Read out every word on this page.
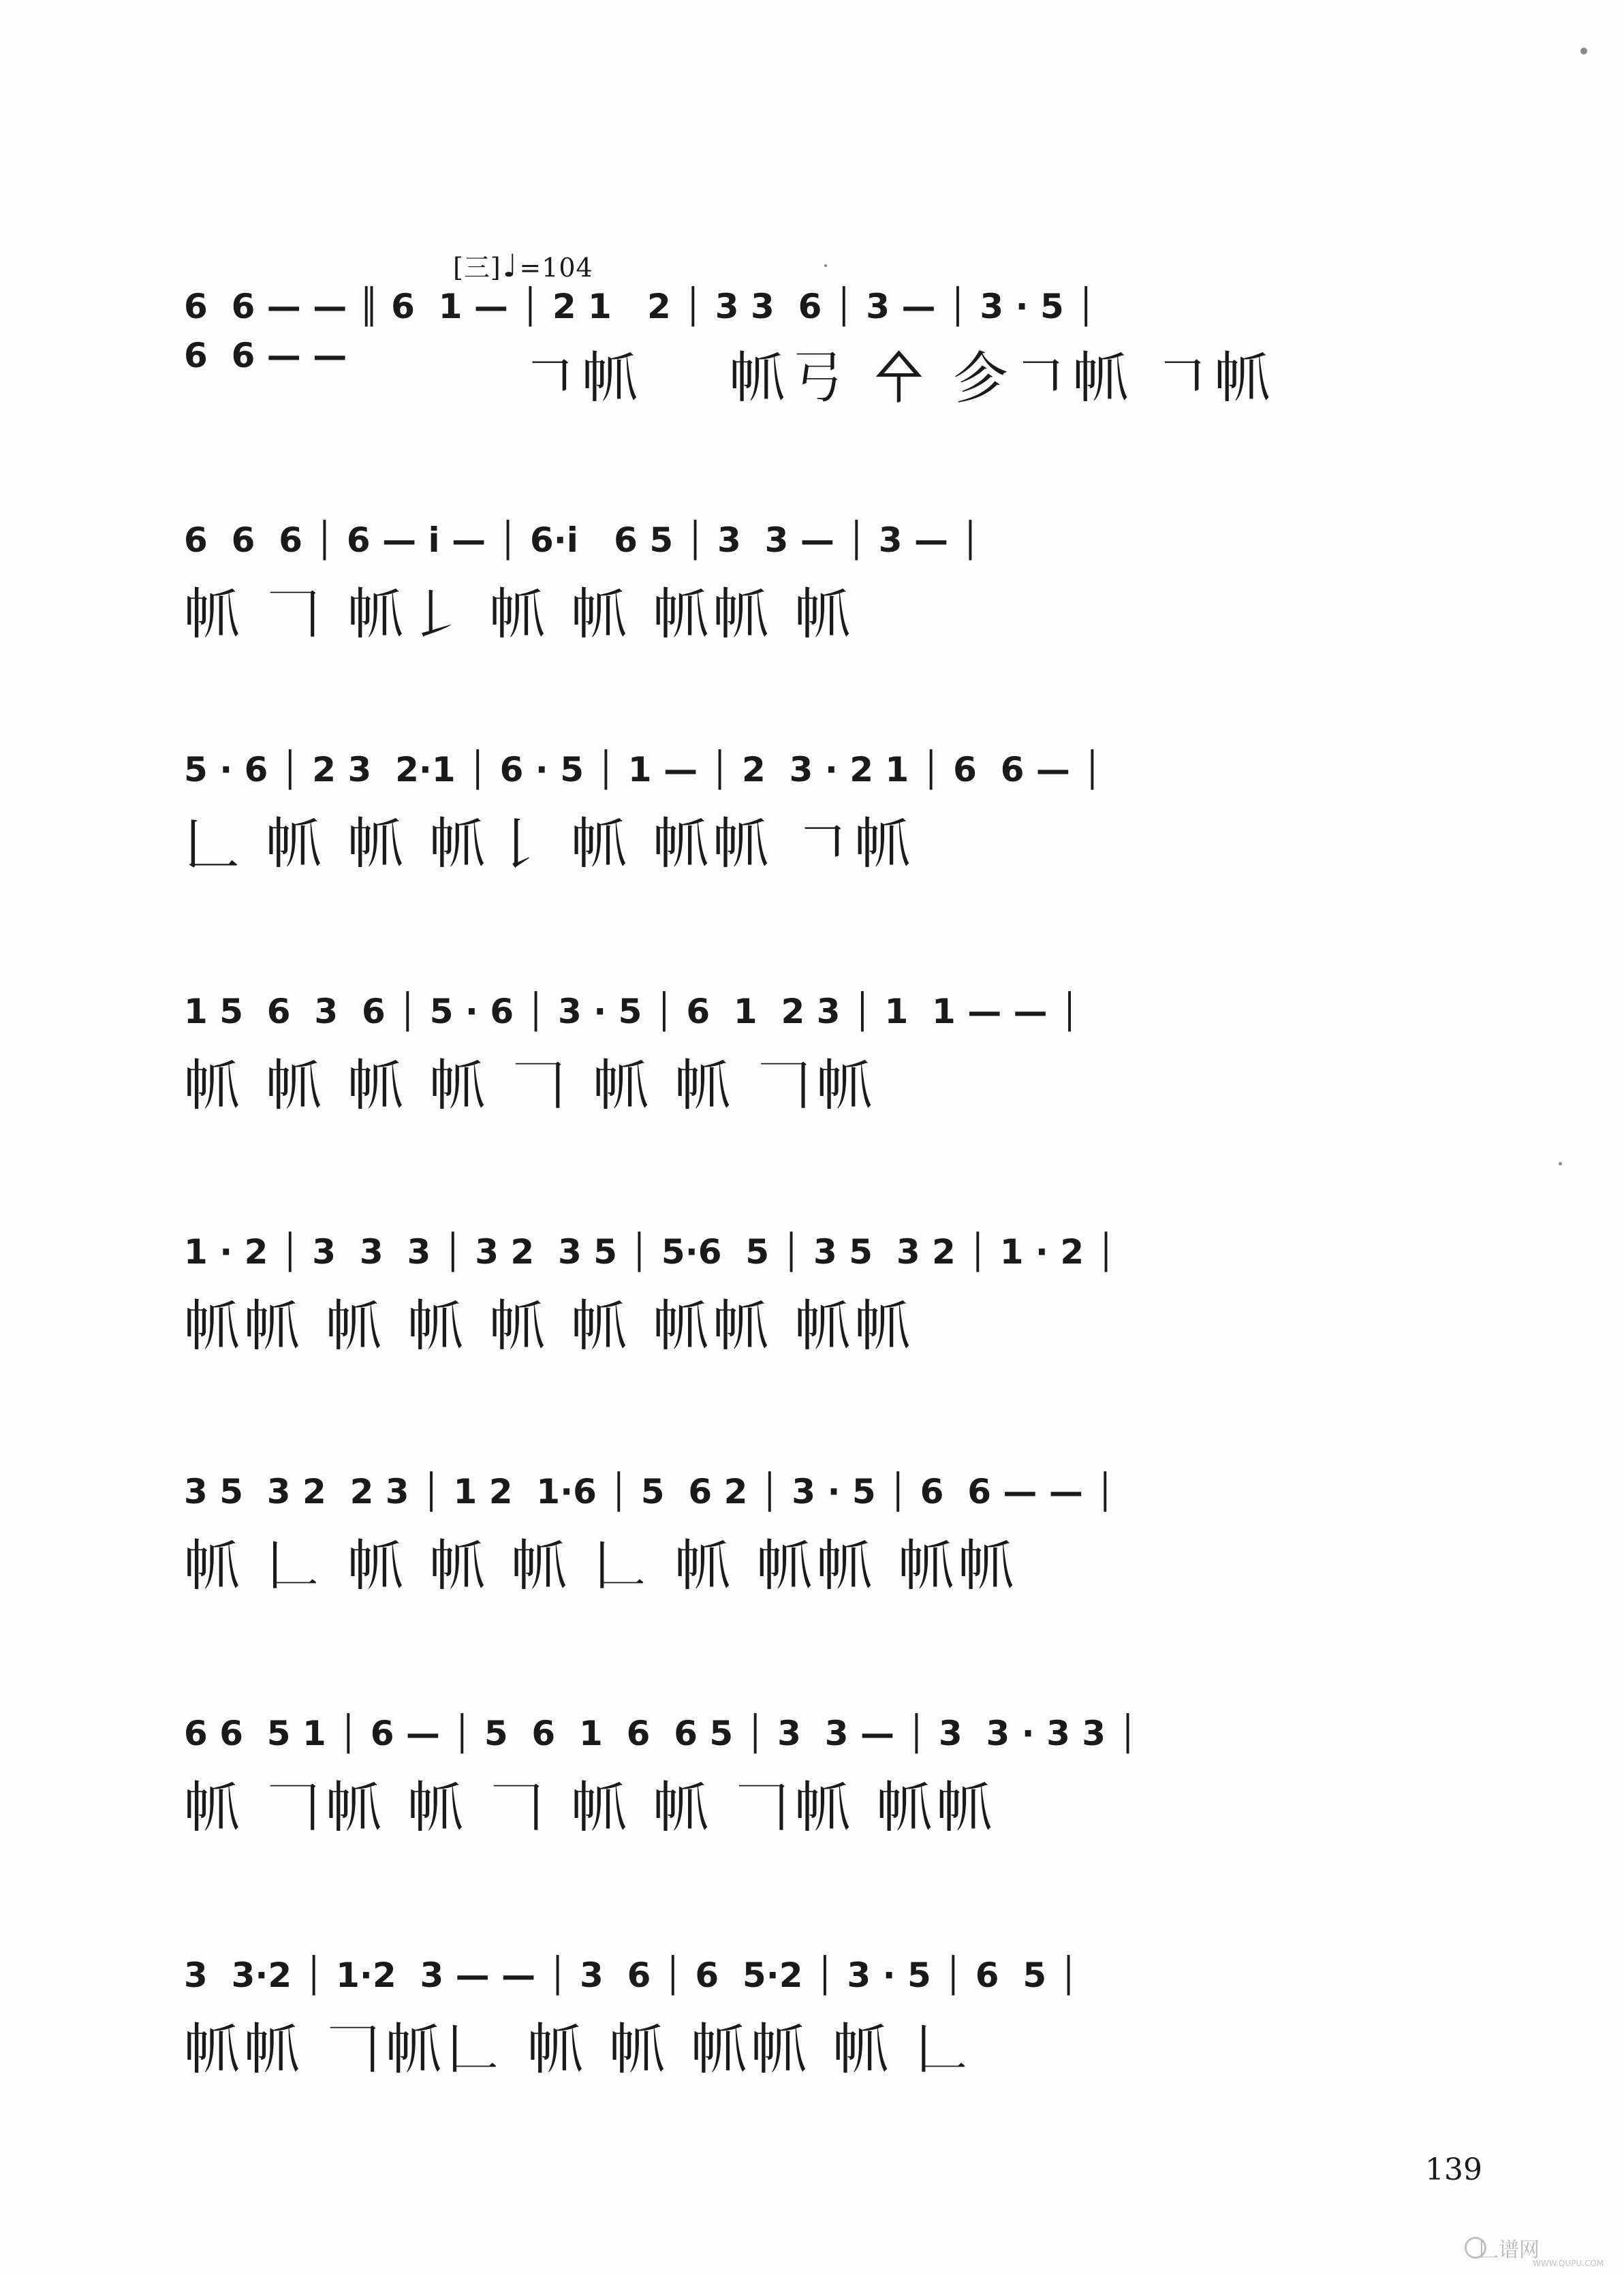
[三]♩=104
6  6 — — ║ 6  1 — │ 2 1   2 │ 3 3  6 │ 3 — │ 3 · 5 │
6  6 — —	𠃍𢁬    𢁬𢎗 㐃 㐱𠃍𢁬 𠃍𢁬
6  6  6 │ 6 — i — │ 6·i   6 5 │ 3  3 — │ 3 — │
𢁬 𠃍 𢁬𠄌 𢁬 𢁬 𢁬𢁬 𢁬
5 · 6 │ 2 3  2·1 │ 6 · 5 │ 1 — │ 2  3 · 2 1 │ 6  6 — │
𠃊 𢁬 𢁬 𢁬𠄌 𢁬 𢁬𢁬 𠃍𢁬
1 5  6  3  6 │ 5 · 6 │ 3 · 5 │ 6  1  2 3 │ 1  1 — — │
𢁬 𢁬 𢁬 𢁬 𠃍 𢁬 𢁬 𠃍𢁬
1 · 2 │ 3  3  3 │ 3 2  3 5 │ 5·6  5 │ 3 5  3 2 │ 1 · 2 │
𢁬𢁬 𢁬 𢁬 𢁬 𢁬 𢁬𢁬 𢁬𢁬
3 5  3 2  2 3 │ 1 2  1·6 │ 5  6 2 │ 3 · 5 │ 6  6 — — │
𢁬 𠃊 𢁬 𢁬 𢁬 𠃊 𢁬 𢁬𢁬 𢁬𢁬
6 6  5 1 │ 6 — │ 5  6  1  6  6 5 │ 3  3 — │ 3  3 · 3 3 │
𢁬 𠃍𢁬 𢁬 𠃍 𢁬 𢁬 𠃍𢁬 𢁬𢁬
3  3·2 │ 1·2  3 — — │ 3  6 │ 6  5·2 │ 3 · 5 │ 6  5 │
𢁬𢁬 𠃍𢁬𠃊 𢁬 𢁬 𢁬𢁬 𢁬 𠃊
139
𠃊谱网
WWW.QUPU.COM
